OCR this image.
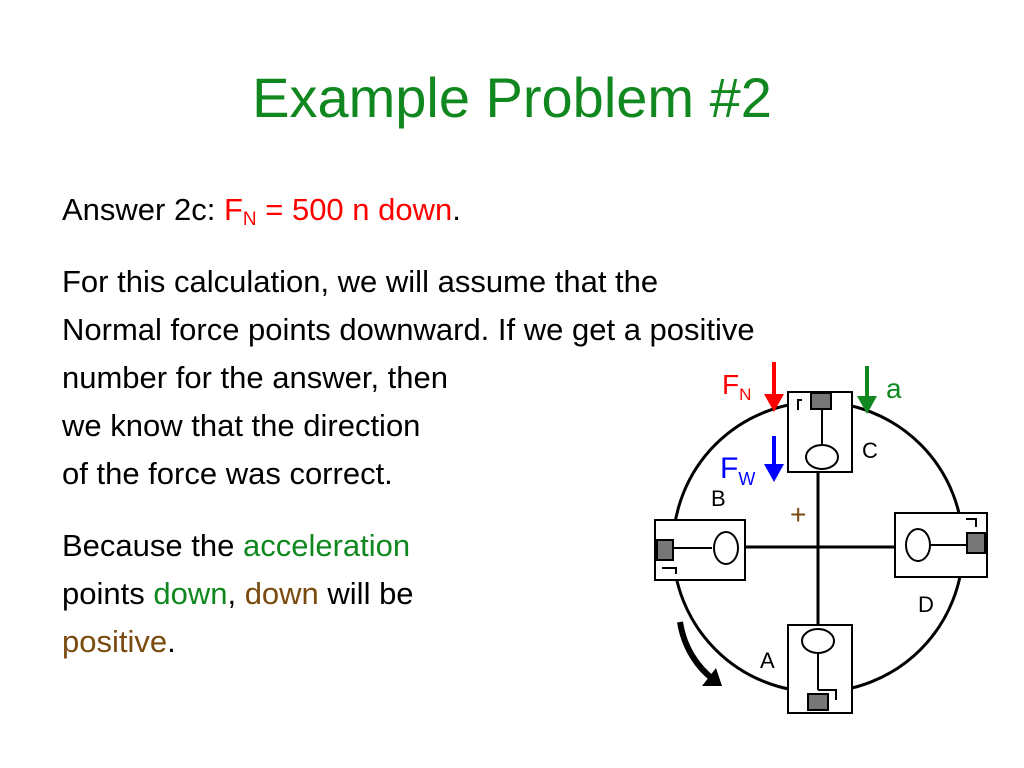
Example Problem #2

Answer 2c: $F_N = 500$ n down.

For this calculation, we will assume that the
Normal force points downward. If we get a positive
number for the answer, then
we know that the direction
of the force was correct.

Because the acceleration
points down, down will be
positive.

$F_N$	a
$F_W$
+
C
B
D
A
